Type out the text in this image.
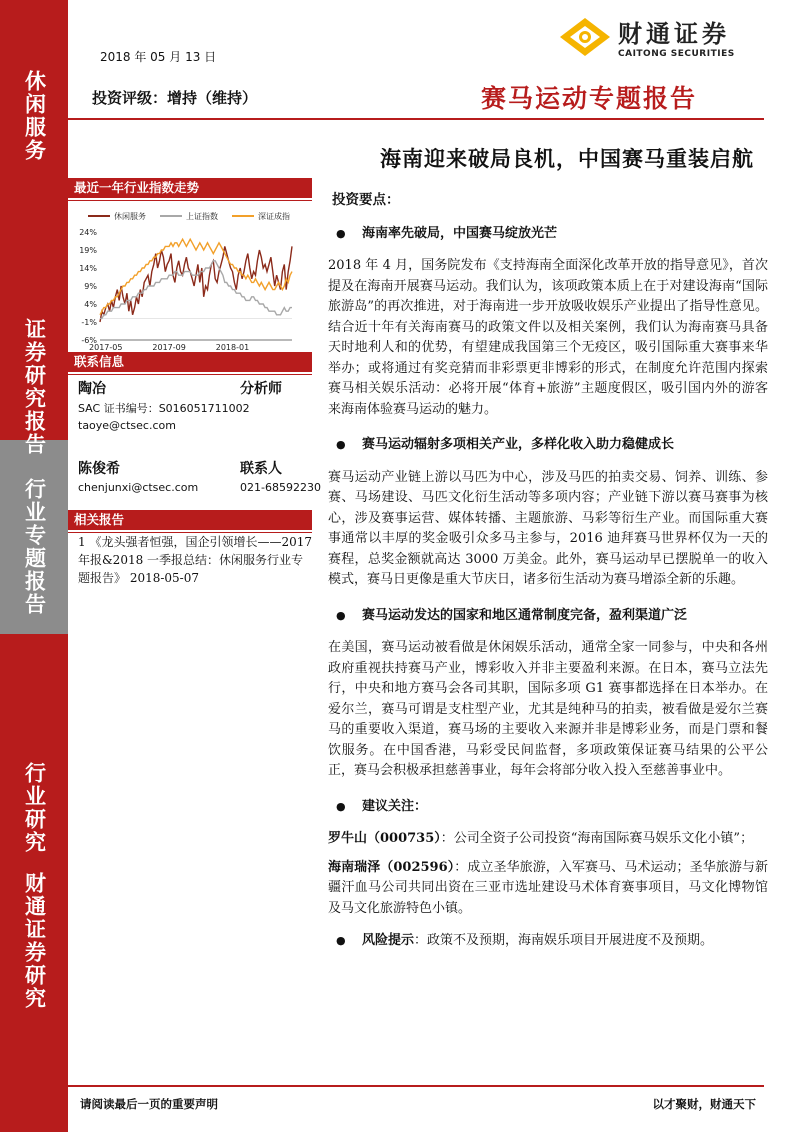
休闲服务
证券研究报告
行业专题报告
行业研究
财通证券研究
2018 年 05 月 13 日
财通证券
CAITONG SECURITIES
投资评级：增持（维持）	赛马运动专题报告
海南迎来破局良机，中国赛马重装启航
最近一年行业指数走势
休闲服务	上证指数	深证成指
24%
19%
14%
9%
4%
-1%
-6%
2017-05	2017-09	2018-01
联系信息
陶冶	分析师
SAC 证书编号：S016051711002
taoye@ctsec.com
陈俊希	联系人
chenjunxi@ctsec.com	021-68592230
相关报告
1 《龙头强者恒强，国企引领增长——2017 年报&2018 一季报总结：休闲服务行业专题报告》 2018-05-07
投资要点：
● 海南率先破局，中国赛马绽放光芒
2018 年 4 月，国务院发布《支持海南全面深化改革开放的指导意见》，首次提及在海南开展赛马运动。我们认为，该项政策本质上在于对建设海南“国际旅游岛”的再次推进，对于海南进一步开放吸收娱乐产业提出了指导性意见。结合近十年有关海南赛马的政策文件以及相关案例，我们认为海南赛马具备天时地利人和的优势，有望建成我国第三个无疫区，吸引国际重大赛事来华举办；或将通过有奖竞猜而非彩票更非博彩的形式，在制度允许范围内探索赛马相关娱乐活动：必将开展“体育+旅游”主题度假区，吸引国内外的游客来海南体验赛马运动的魅力。
● 赛马运动辐射多项相关产业，多样化收入助力稳健成长
赛马运动产业链上游以马匹为中心，涉及马匹的拍卖交易、饲养、训练、参赛、马场建设、马匹文化衍生活动等多项内容；产业链下游以赛马赛事为核心，涉及赛事运营、媒体转播、主题旅游、马彩等衍生产业。而国际重大赛事通常以丰厚的奖金吸引众多马主参与，2016 迪拜赛马世界杯仅为一天的赛程，总奖金额就高达 3000 万美金。此外，赛马运动早已摆脱单一的收入模式，赛马日更像是重大节庆日，诸多衍生活动为赛马增添全新的乐趣。
● 赛马运动发达的国家和地区通常制度完备，盈利渠道广泛
在美国，赛马运动被看做是休闲娱乐活动，通常全家一同参与，中央和各州政府重视扶持赛马产业，博彩收入并非主要盈利来源。在日本，赛马立法先行，中央和地方赛马会各司其职，国际多项 G1 赛事都选择在日本举办。在爱尔兰，赛马可谓是支柱型产业，尤其是纯种马的拍卖，被看做是爱尔兰赛马的重要收入渠道，赛马场的主要收入来源并非是博彩业务，而是门票和餐饮服务。在中国香港，马彩受民间监督，多项政策保证赛马结果的公平公正，赛马会积极承担慈善事业，每年会将部分收入投入至慈善事业中。
● 建议关注：
罗牛山（000735）：公司全资子公司投资“海南国际赛马娱乐文化小镇”；
海南瑞泽（002596）：成立圣华旅游，入军赛马、马术运动；圣华旅游与新疆汗血马公司共同出资在三亚市选址建设马术体育赛事项目，马文化博物馆及马文化旅游特色小镇。
● 风险提示：政策不及预期，海南娱乐项目开展进度不及预期。
请阅读最后一页的重要声明	以才聚财，财通天下
